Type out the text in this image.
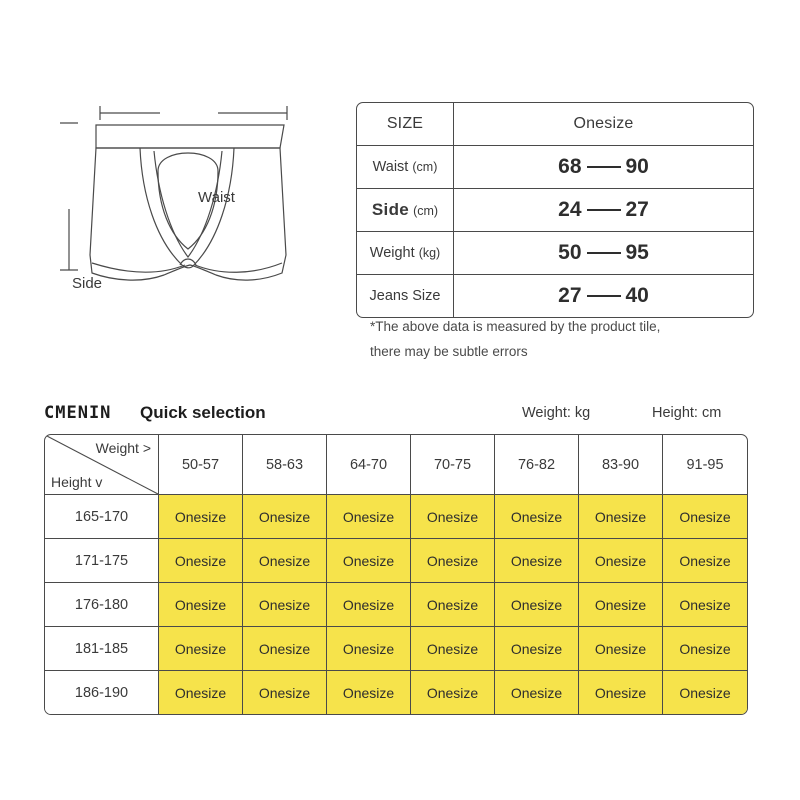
Waist
Side
SIZE	Onesize
Waist (cm)	68 90

Side (cm)	24 27

Weight (kg)	50 95

Jeans Size	27 40
*The above data is measured by the product tile,
there may be subtle errors
CMENIN Quick selection	Weight: kg	Height: cm
Weight >
Height v	50-57	58-63	64-70	70-75	76-82	83-90	91-95
165-170	Onesize	Onesize	Onesize	Onesize	Onesize	Onesize	Onesize
171-175	Onesize	Onesize	Onesize	Onesize	Onesize	Onesize	Onesize
176-180	Onesize	Onesize	Onesize	Onesize	Onesize	Onesize	Onesize
181-185	Onesize	Onesize	Onesize	Onesize	Onesize	Onesize	Onesize
186-190	Onesize	Onesize	Onesize	Onesize	Onesize	Onesize	Onesize
